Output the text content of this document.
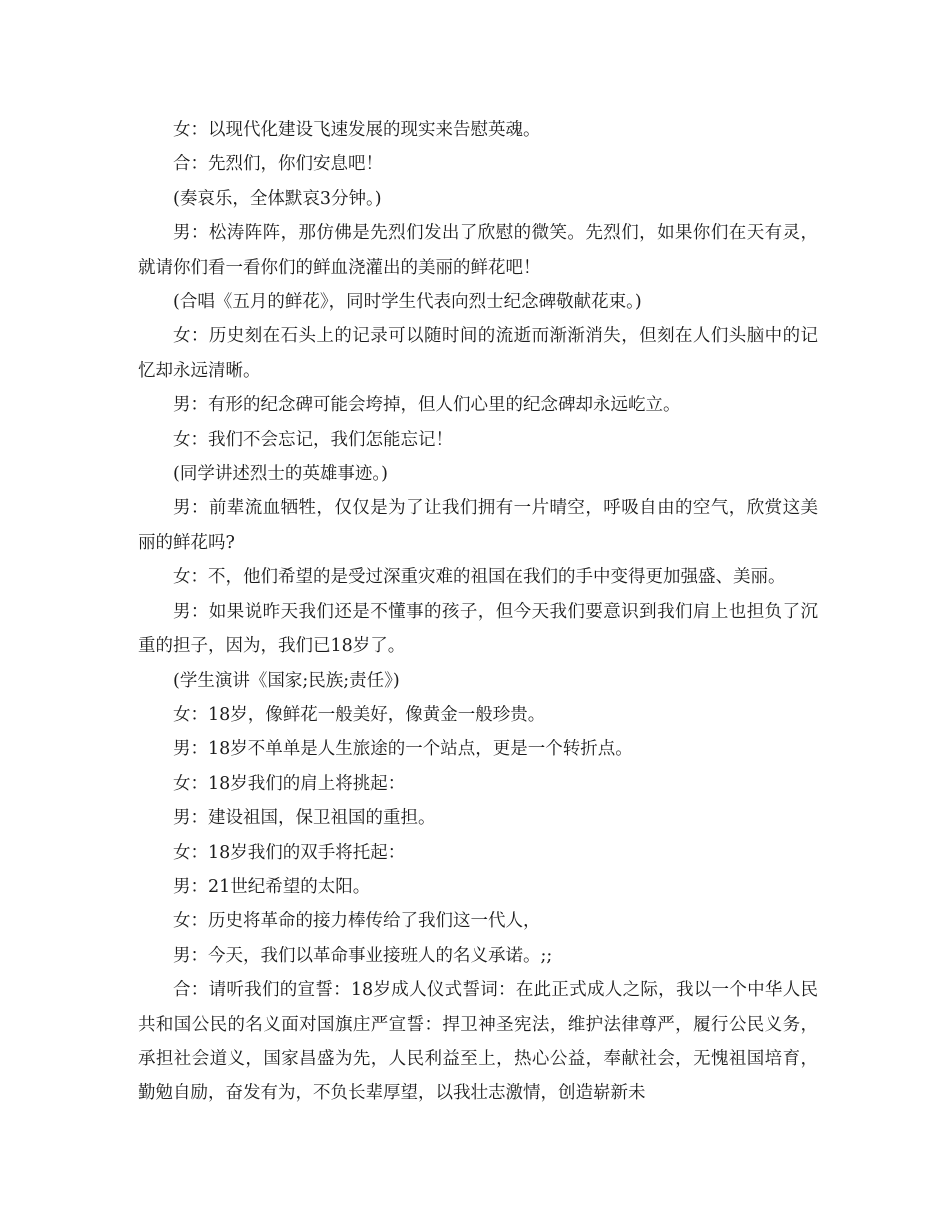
女：以现代化建设飞速发展的现实来告慰英魂。

合：先烈们，你们安息吧！

(奏哀乐，全体默哀3分钟。)

男：松涛阵阵，那仿佛是先烈们发出了欣慰的微笑。先烈们，如果你们在天有灵，就请你们看一看你们的鲜血浇灌出的美丽的鲜花吧！

(合唱《五月的鲜花》，同时学生代表向烈士纪念碑敬献花束。)

女：历史刻在石头上的记录可以随时间的流逝而渐渐消失，但刻在人们头脑中的记忆却永远清晰。

男：有形的纪念碑可能会垮掉，但人们心里的纪念碑却永远屹立。

女：我们不会忘记，我们怎能忘记！

(同学讲述烈士的英雄事迹。)

男：前辈流血牺牲，仅仅是为了让我们拥有一片晴空，呼吸自由的空气，欣赏这美丽的鲜花吗?

女：不，他们希望的是受过深重灾难的祖国在我们的手中变得更加强盛、美丽。

男：如果说昨天我们还是不懂事的孩子，但今天我们要意识到我们肩上也担负了沉重的担子，因为，我们已18岁了。

(学生演讲《国家;民族;责任》)

女：18岁，像鲜花一般美好，像黄金一般珍贵。

男：18岁不单单是人生旅途的一个站点，更是一个转折点。

女：18岁我们的肩上将挑起：

男：建设祖国，保卫祖国的重担。

女：18岁我们的双手将托起：

男：21世纪希望的太阳。

女：历史将革命的接力棒传给了我们这一代人，

男：今天，我们以革命事业接班人的名义承诺。;;

合：请听我们的宣誓：18岁成人仪式誓词：在此正式成人之际，我以一个中华人民共和国公民的名义面对国旗庄严宣誓：捍卫神圣宪法，维护法律尊严，履行公民义务，承担社会道义，国家昌盛为先，人民利益至上，热心公益，奉献社会，无愧祖国培育，勤勉自励，奋发有为，不负长辈厚望，以我壮志激情，创造崭新未
